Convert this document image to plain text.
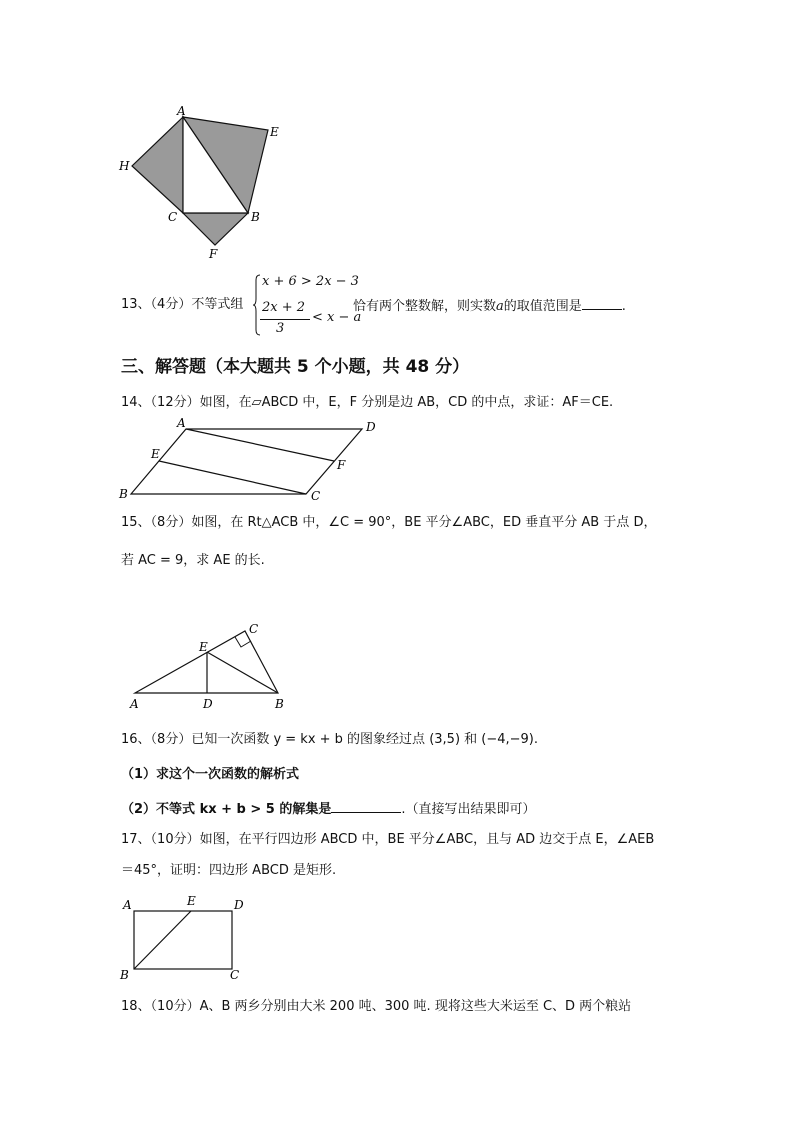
A
E
H
C	B
F
13、（4分）不等式组
x + 6 > 2x − 3
2x + 2
3
< x − a
恰有两个整数解，则实数a的取值范围是	.
三、解答题（本大题共 5 个小题，共 48 分）
14、（12分）如图，在▱ABCD 中，E，F 分别是边 AB，CD 的中点，求证：AF＝CE.
A	D
E
F
B	C
15、（8分）如图，在 Rt△ACB 中，∠C = 90°，BE 平分∠ABC，ED 垂直平分 AB 于点 D，
若 AC = 9，求 AE 的长.
C
E
A	D	B
16、（8分）已知一次函数 y = kx + b 的图象经过点 (3,5) 和 (−4,−9).
（1）求这个一次函数的解析式
（2）不等式 kx + b > 5 的解集是	.（直接写出结果即可）
17、（10分）如图，在平行四边形 ABCD 中，BE 平分∠ABC，且与 AD 边交于点 E，∠AEB
＝45°，证明：四边形 ABCD 是矩形.
A	E	D
B	C
18、（10分）A、B 两乡分别由大米 200 吨、300 吨. 现将这些大米运至 C、D 两个粮站
